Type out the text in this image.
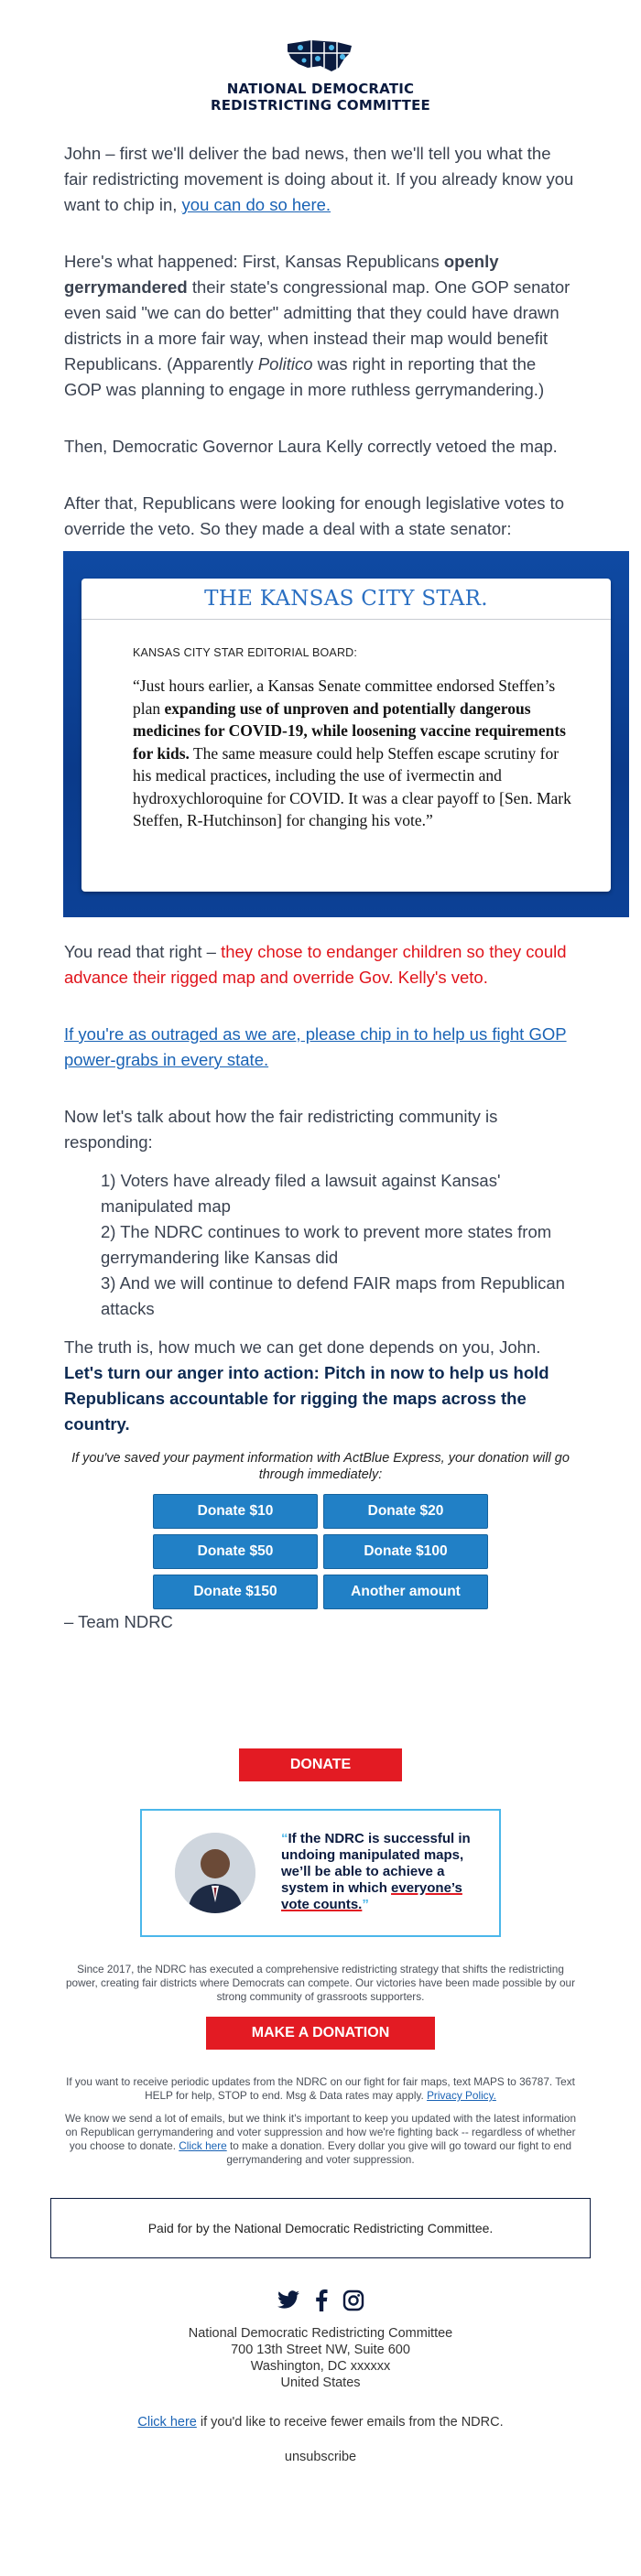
NATIONAL DEMOCRATIC
REDISTRICTING COMMITTEE

John – first we'll deliver the bad news, then we'll tell you what the fair redistricting movement is doing about it. If you already know you want to chip in, you can do so here.

Here's what happened: First, Kansas Republicans openly gerrymandered their state's congressional map. One GOP senator even said "we can do better" admitting that they could have drawn districts in a more fair way, when instead their map would benefit Republicans. (Apparently Politico was right in reporting that the GOP was planning to engage in more ruthless gerrymandering.)

Then, Democratic Governor Laura Kelly correctly vetoed the map.

After that, Republicans were looking for enough legislative votes to override the veto. So they made a deal with a state senator:

THE KANSAS CITY STAR.
KANSAS CITY STAR EDITORIAL BOARD:
“Just hours earlier, a Kansas Senate committee endorsed Steffen’s plan expanding use of unproven and potentially dangerous medicines for COVID-19, while loosening vaccine requirements for kids. The same measure could help Steffen escape scrutiny for his medical practices, including the use of ivermectin and hydroxychloroquine for COVID. It was a clear payoff to [Sen. Mark Steffen, R-Hutchinson] for changing his vote.”

You read that right – they chose to endanger children so they could advance their rigged map and override Gov. Kelly's veto.

If you're as outraged as we are, please chip in to help us fight GOP power-grabs in every state.

Now let's talk about how the fair redistricting community is responding:

1) Voters have already filed a lawsuit against Kansas' manipulated map

2) The NDRC continues to work to prevent more states from gerrymandering like Kansas did

3) And we will continue to defend FAIR maps from Republican attacks

The truth is, how much we can get done depends on you, John. Let's turn our anger into action: Pitch in now to help us hold Republicans accountable for rigging the maps across the country.

If you've saved your payment information with ActBlue Express, your donation will go through immediately:
Donate $10	Donate $20
Donate $50	Donate $100
Donate $150	Another amount

– Team NDRC

DONATE
“If the NDRC is successful in undoing manipulated maps, we’ll be able to achieve a system in which everyone’s vote counts.”
Since 2017, the NDRC has executed a comprehensive redistricting strategy that shifts the redistricting power, creating fair districts where Democrats can compete. Our victories have been made possible by our strong community of grassroots supporters.
MAKE A DONATION
If you want to receive periodic updates from the NDRC on our fight for fair maps, text MAPS to 36787. Text HELP for help, STOP to end. Msg & Data rates may apply. Privacy Policy.
We know we send a lot of emails, but we think it's important to keep you updated with the latest information on Republican gerrymandering and voter suppression and how we're fighting back -- regardless of whether you choose to donate. Click here to make a donation. Every dollar you give will go toward our fight to end gerrymandering and voter suppression.
Paid for by the National Democratic Redistricting Committee.

National Democratic Redistricting Committee
700 13th Street NW, Suite 600
Washington, DC xxxxxx
United States
Click here if you'd like to receive fewer emails from the NDRC.
unsubscribe
